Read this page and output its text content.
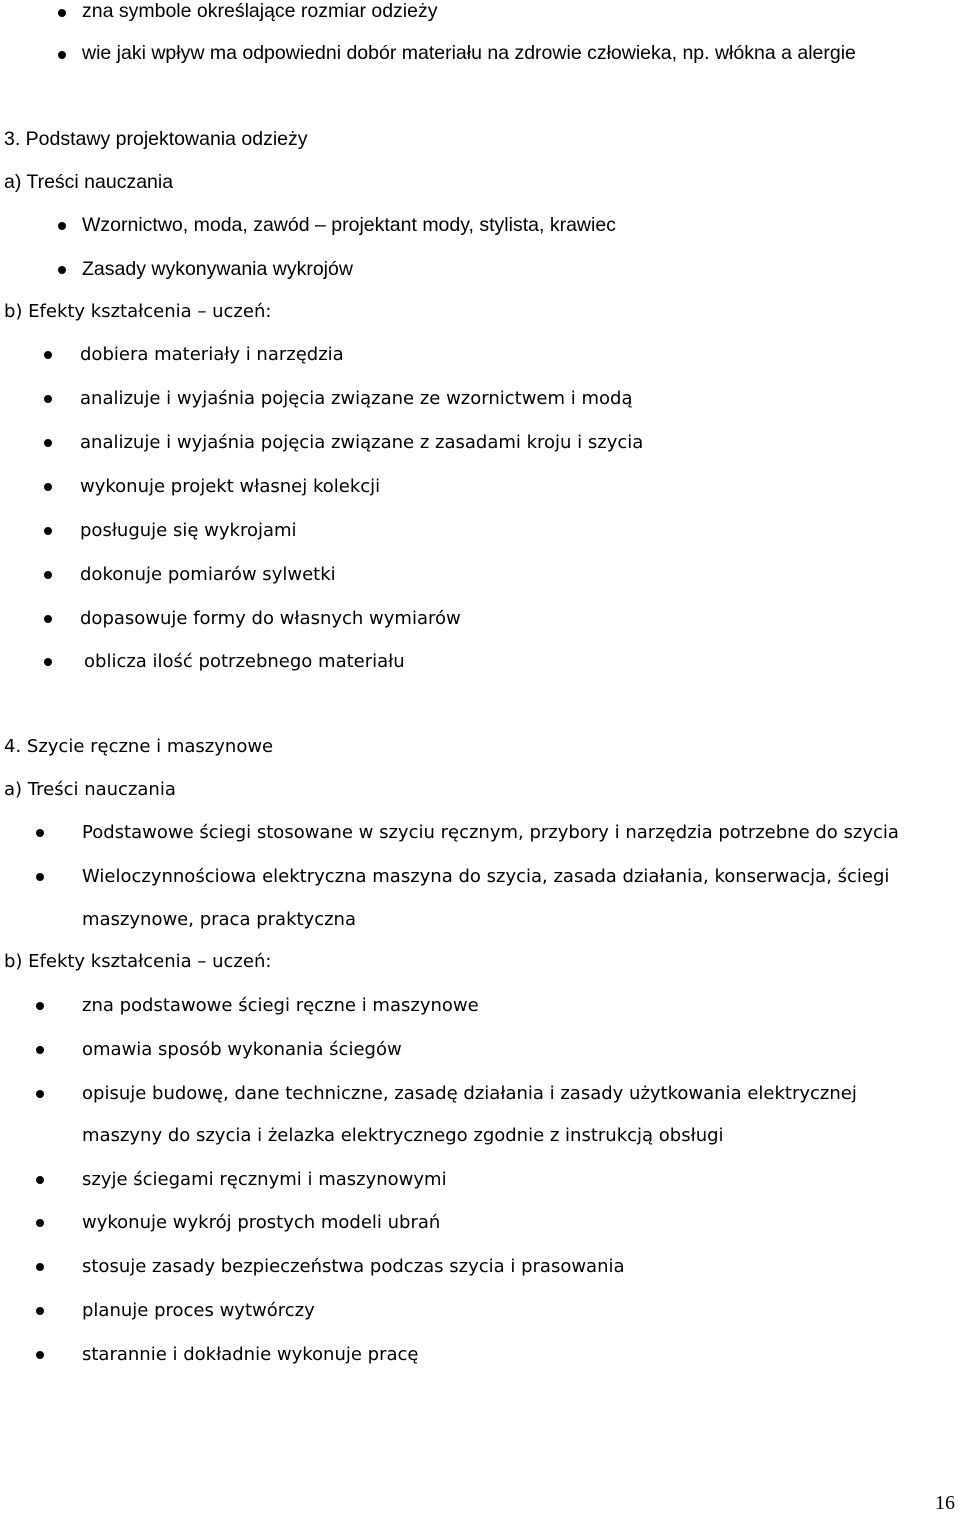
zna symbole określające rozmiar odzieży
wie jaki wpływ ma odpowiedni dobór materiału na zdrowie człowieka, np. włókna a alergie
3. Podstawy projektowania odzieży
a) Treści nauczania
Wzornictwo, moda, zawód – projektant mody, stylista, krawiec
Zasady wykonywania wykrojów
b) Efekty kształcenia – uczeń:
dobiera materiały i narzędzia
analizuje i wyjaśnia pojęcia związane ze wzornictwem i modą
analizuje i wyjaśnia pojęcia związane z zasadami kroju i szycia
wykonuje projekt własnej kolekcji
posługuje się wykrojami
dokonuje pomiarów sylwetki
dopasowuje formy do własnych wymiarów
oblicza ilość potrzebnego materiału
4. Szycie ręczne i maszynowe
a) Treści nauczania
Podstawowe ściegi stosowane w szyciu ręcznym, przybory i narzędzia potrzebne do szycia
Wieloczynnościowa elektryczna maszyna do szycia, zasada działania, konserwacja, ściegi
maszynowe, praca praktyczna
b) Efekty kształcenia – uczeń:
zna podstawowe ściegi ręczne i maszynowe
omawia sposób wykonania ściegów
opisuje budowę, dane techniczne, zasadę działania i zasady użytkowania elektrycznej
maszyny do szycia i żelazka elektrycznego zgodnie z instrukcją obsługi
szyje ściegami ręcznymi i maszynowymi
wykonuje wykrój prostych modeli ubrań
stosuje zasady bezpieczeństwa podczas szycia i prasowania
planuje proces wytwórczy
starannie i dokładnie wykonuje pracę
16
